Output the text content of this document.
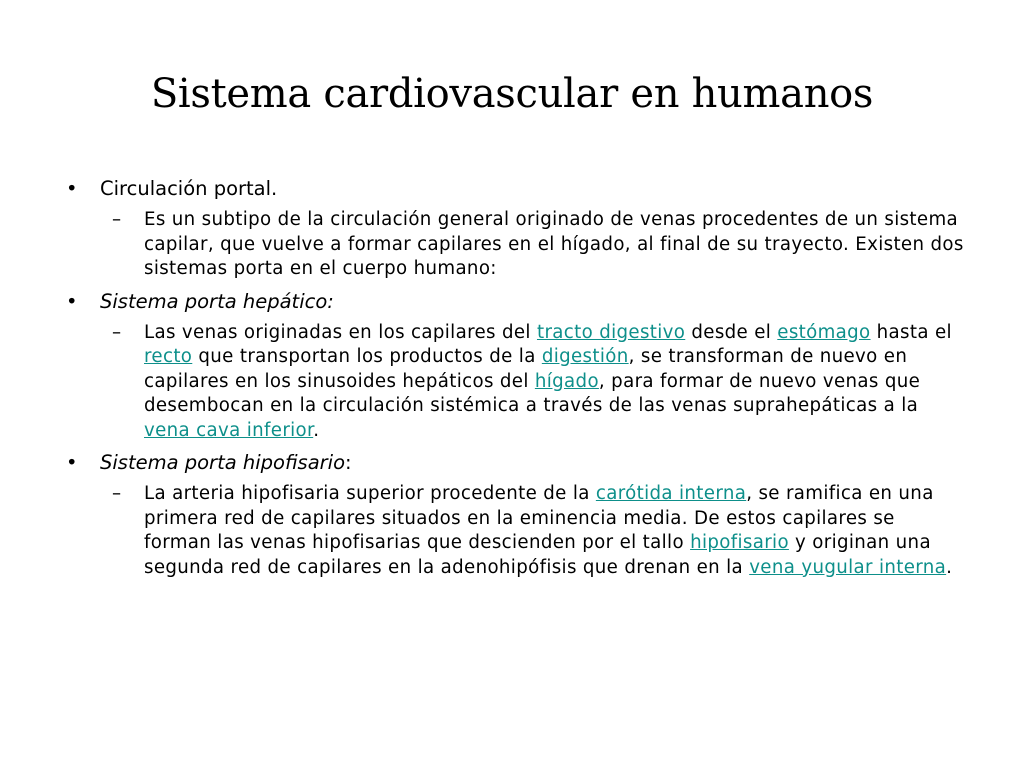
Sistema cardiovascular en humanos
• Circulación portal.
– Es un subtipo de la circulación general originado de venas procedentes de un sistema capilar, que vuelve a formar capilares en el hígado, al final de su trayecto. Existen dos sistemas porta en el cuerpo humano:
• Sistema porta hepático:
– Las venas originadas en los capilares del tracto digestivo desde el estómago hasta el recto que transportan los productos de la digestión, se transforman de nuevo en capilares en los sinusoides hepáticos del hígado, para formar de nuevo venas que desembocan en la circulación sistémica a través de las venas suprahepáticas a la vena cava inferior.
• Sistema porta hipofisario:
– La arteria hipofisaria superior procedente de la carótida interna, se ramifica en una primera red de capilares situados en la eminencia media. De estos capilares se forman las venas hipofisarias que descienden por el tallo hipofisario y originan una segunda red de capilares en la adenohipófisis que drenan en la vena yugular interna.
